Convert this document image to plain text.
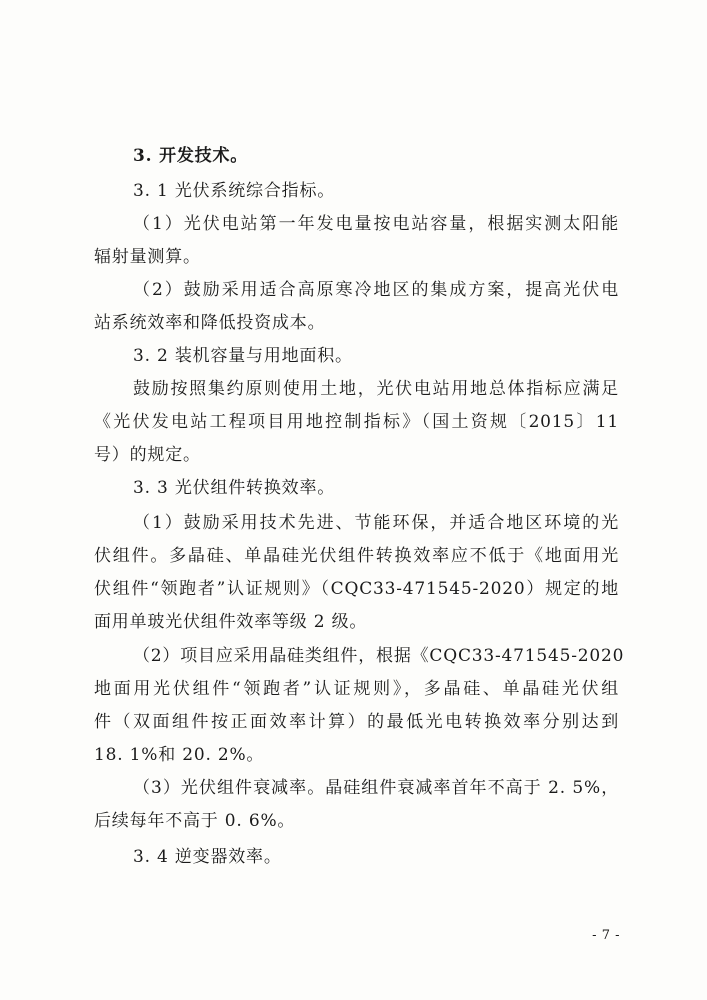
3. 开发技术。
3. 1 光伏系统综合指标。
（1）光伏电站第一年发电量按电站容量，根据实测太阳能
辐射量测算。
（2）鼓励采用适合高原寒冷地区的集成方案，提高光伏电
站系统效率和降低投资成本。
3. 2 装机容量与用地面积。
鼓励按照集约原则使用土地，光伏电站用地总体指标应满足
《光伏发电站工程项目用地控制指标》（国土资规〔2015〕11
号）的规定。
3. 3 光伏组件转换效率。
（1）鼓励采用技术先进、节能环保，并适合地区环境的光
伏组件。多晶硅、单晶硅光伏组件转换效率应不低于《地面用光
伏组件“领跑者”认证规则》（CQC33-471545-2020）规定的地
面用单玻光伏组件效率等级 2 级。
（2）项目应采用晶硅类组件，根据《CQC33-471545-2020
地面用光伏组件“领跑者”认证规则》，多晶硅、单晶硅光伏组
件（双面组件按正面效率计算）的最低光电转换效率分别达到
18. 1%和 20. 2%。
（3）光伏组件衰减率。晶硅组件衰减率首年不高于 2. 5%，
后续每年不高于 0. 6%。
3. 4 逆变器效率。
- 7 -
